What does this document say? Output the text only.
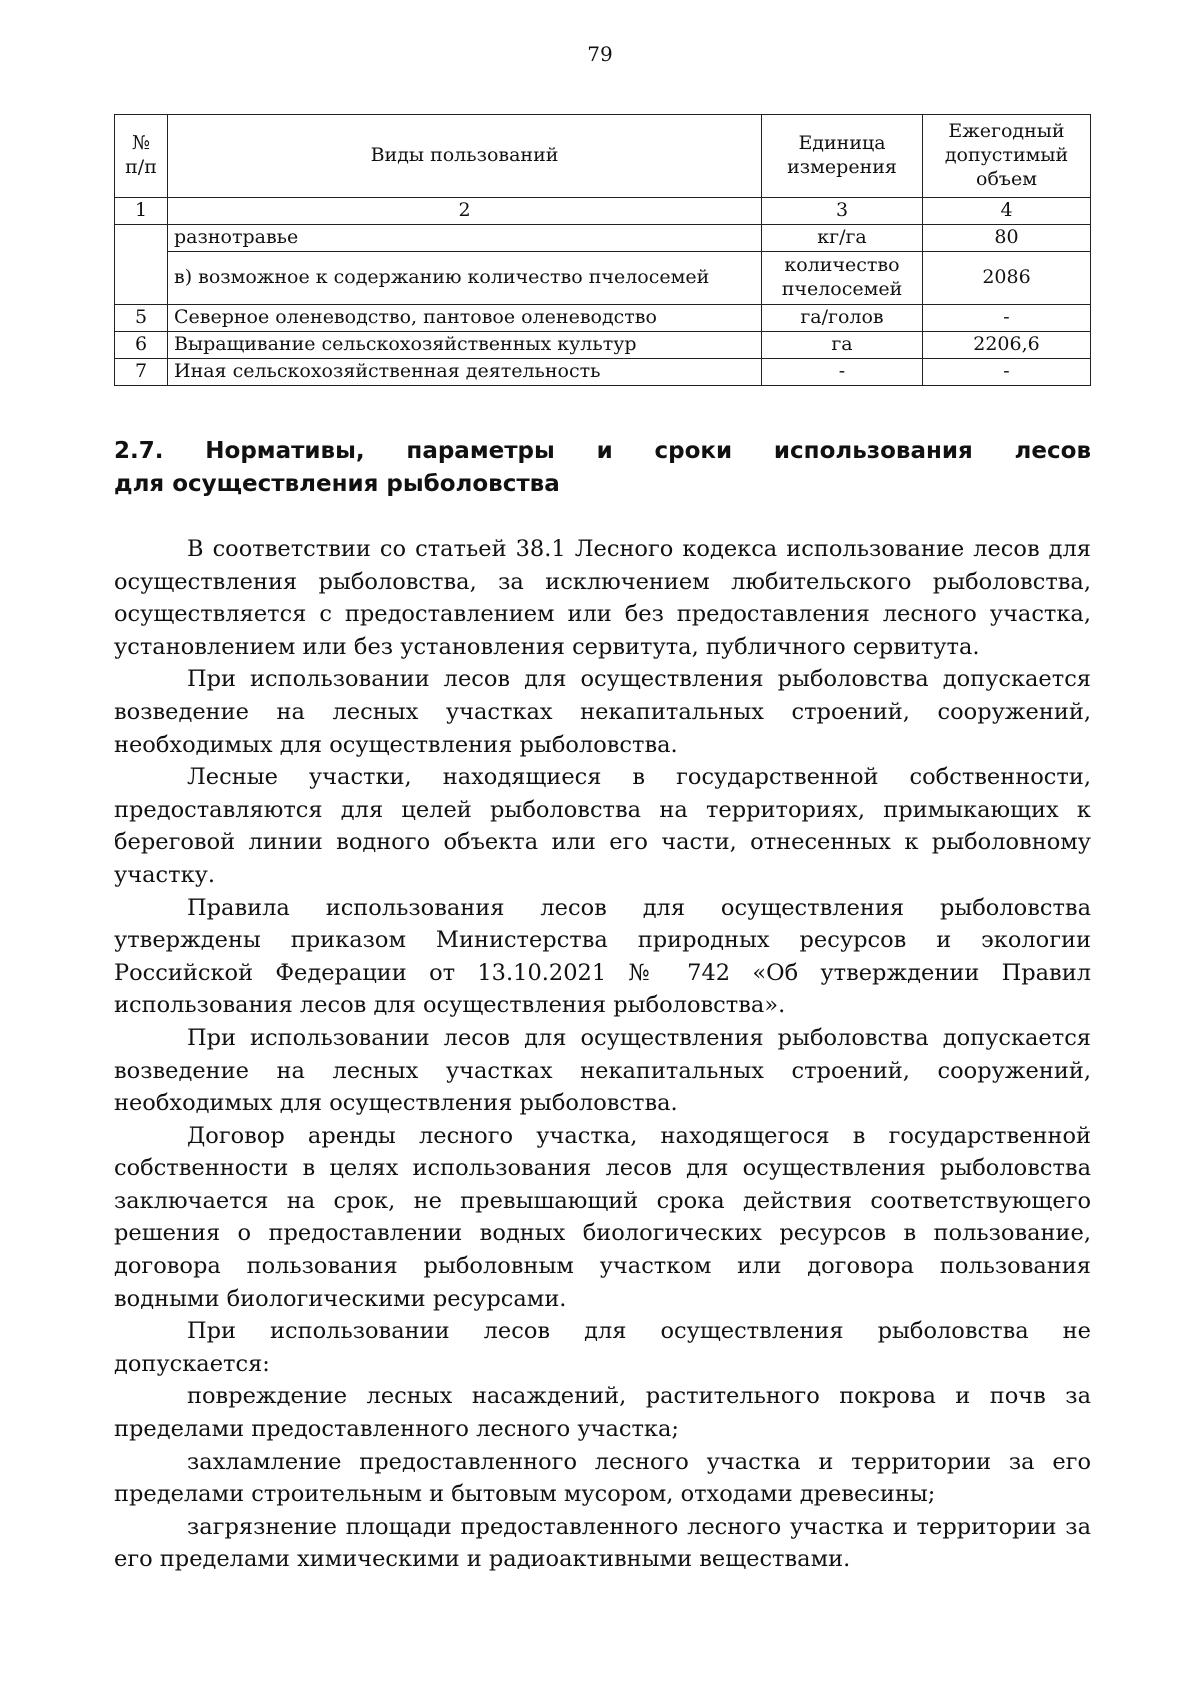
79
№ п/п	Виды пользований	Единица измерения	Ежегодный допустимый объем
1	2	3	4
	разнотравье	кг/га	80
	в) возможное к содержанию количество пчелосемей	количество пчелосемей	2086
5	Северное оленеводство, пантовое оленеводство	га/голов	-
6	Выращивание сельскохозяйственных культур	га	2206,6
7	Иная сельскохозяйственная деятельность	-	-
2.7. Нормативы, параметры и сроки использования лесов
для осуществления рыболовства

В соответствии со статьей 38.1 Лесного кодекса использование лесов для осуществления рыболовства, за исключением любительского рыболовства, осуществляется с предоставлением или без предоставления лесного участка, установлением или без установления сервитута, публичного сервитута.

При использовании лесов для осуществления рыболовства допускается возведение на лесных участках некапитальных строений, сооружений, необходимых для осуществления рыболовства.

Лесные участки, находящиеся в государственной собственности, предоставляются для целей рыболовства на территориях, примыкающих к береговой линии водного объекта или его части, отнесенных к рыболовному участку.

Правила использования лесов для осуществления рыболовства утверждены приказом Министерства природных ресурсов и экологии Российской Федерации от 13.10.2021 № 742 «Об утверждении Правил использования лесов для осуществления рыболовства».

При использовании лесов для осуществления рыболовства допускается возведение на лесных участках некапитальных строений, сооружений, необходимых для осуществления рыболовства.

Договор аренды лесного участка, находящегося в государственной собственности в целях использования лесов для осуществления рыболовства заключается на срок, не превышающий срока действия соответствующего решения о предоставлении водных биологических ресурсов в пользование, договора пользования рыболовным участком или договора пользования водными биологическими ресурсами.

При использовании лесов для осуществления рыболовства не допускается:

повреждение лесных насаждений, растительного покрова и почв за пределами предоставленного лесного участка;

захламление предоставленного лесного участка и территории за его пределами строительным и бытовым мусором, отходами древесины;

загрязнение площади предоставленного лесного участка и территории за его пределами химическими и радиоактивными веществами.
